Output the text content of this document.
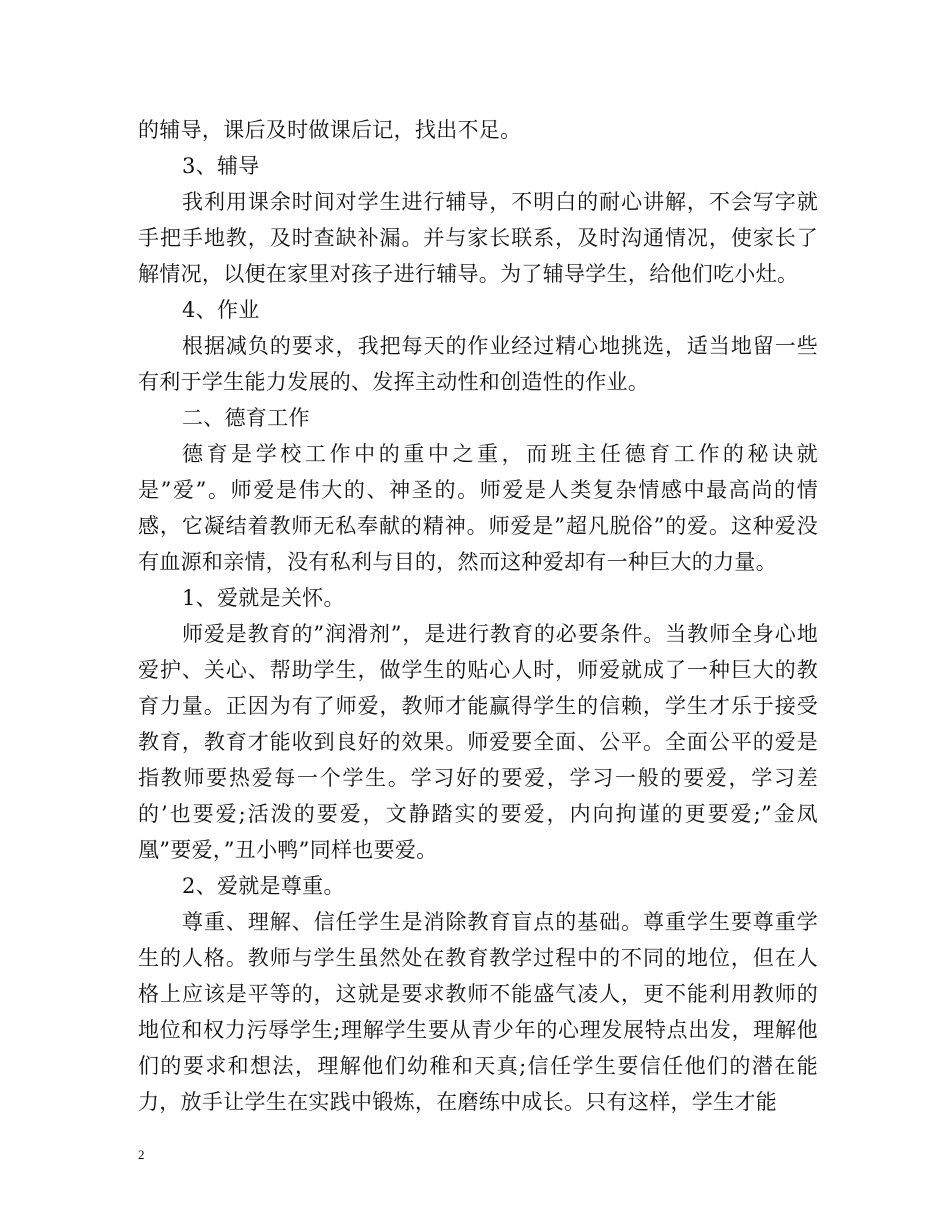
的辅导，课后及时做课后记，找出不足。

3、辅导

我利用课余时间对学生进行辅导，不明白的耐心讲解，不会写字就手把手地教，及时查缺补漏。并与家长联系，及时沟通情况，使家长了解情况，以便在家里对孩子进行辅导。为了辅导学生，给他们吃小灶。

4、作业

根据减负的要求，我把每天的作业经过精心地挑选，适当地留一些有利于学生能力发展的、发挥主动性和创造性的作业。

二、德育工作

德育是学校工作中的重中之重，而班主任德育工作的秘诀就是”爱”。师爱是伟大的、神圣的。师爱是人类复杂情感中最高尚的情感，它凝结着教师无私奉献的精神。师爱是”超凡脱俗”的爱。这种爱没有血源和亲情，没有私利与目的，然而这种爱却有一种巨大的力量。

1、爱就是关怀。

师爱是教育的”润滑剂”，是进行教育的必要条件。当教师全身心地爱护、关心、帮助学生，做学生的贴心人时，师爱就成了一种巨大的教育力量。正因为有了师爱，教师才能赢得学生的信赖，学生才乐于接受教育，教育才能收到良好的效果。师爱要全面、公平。全面公平的爱是指教师要热爱每一个学生。学习好的要爱，学习一般的要爱，学习差的’也要爱;活泼的要爱，文静踏实的要爱，内向拘谨的更要爱;”金凤凰”要爱，”丑小鸭”同样也要爱。

2、爱就是尊重。

尊重、理解、信任学生是消除教育盲点的基础。尊重学生要尊重学生的人格。教师与学生虽然处在教育教学过程中的不同的地位，但在人格上应该是平等的，这就是要求教师不能盛气凌人，更不能利用教师的地位和权力污辱学生;理解学生要从青少年的心理发展特点出发，理解他们的要求和想法，理解他们幼稚和天真;信任学生要信任他们的潜在能力，放手让学生在实践中锻炼，在磨练中成长。只有这样，学生才能

2
